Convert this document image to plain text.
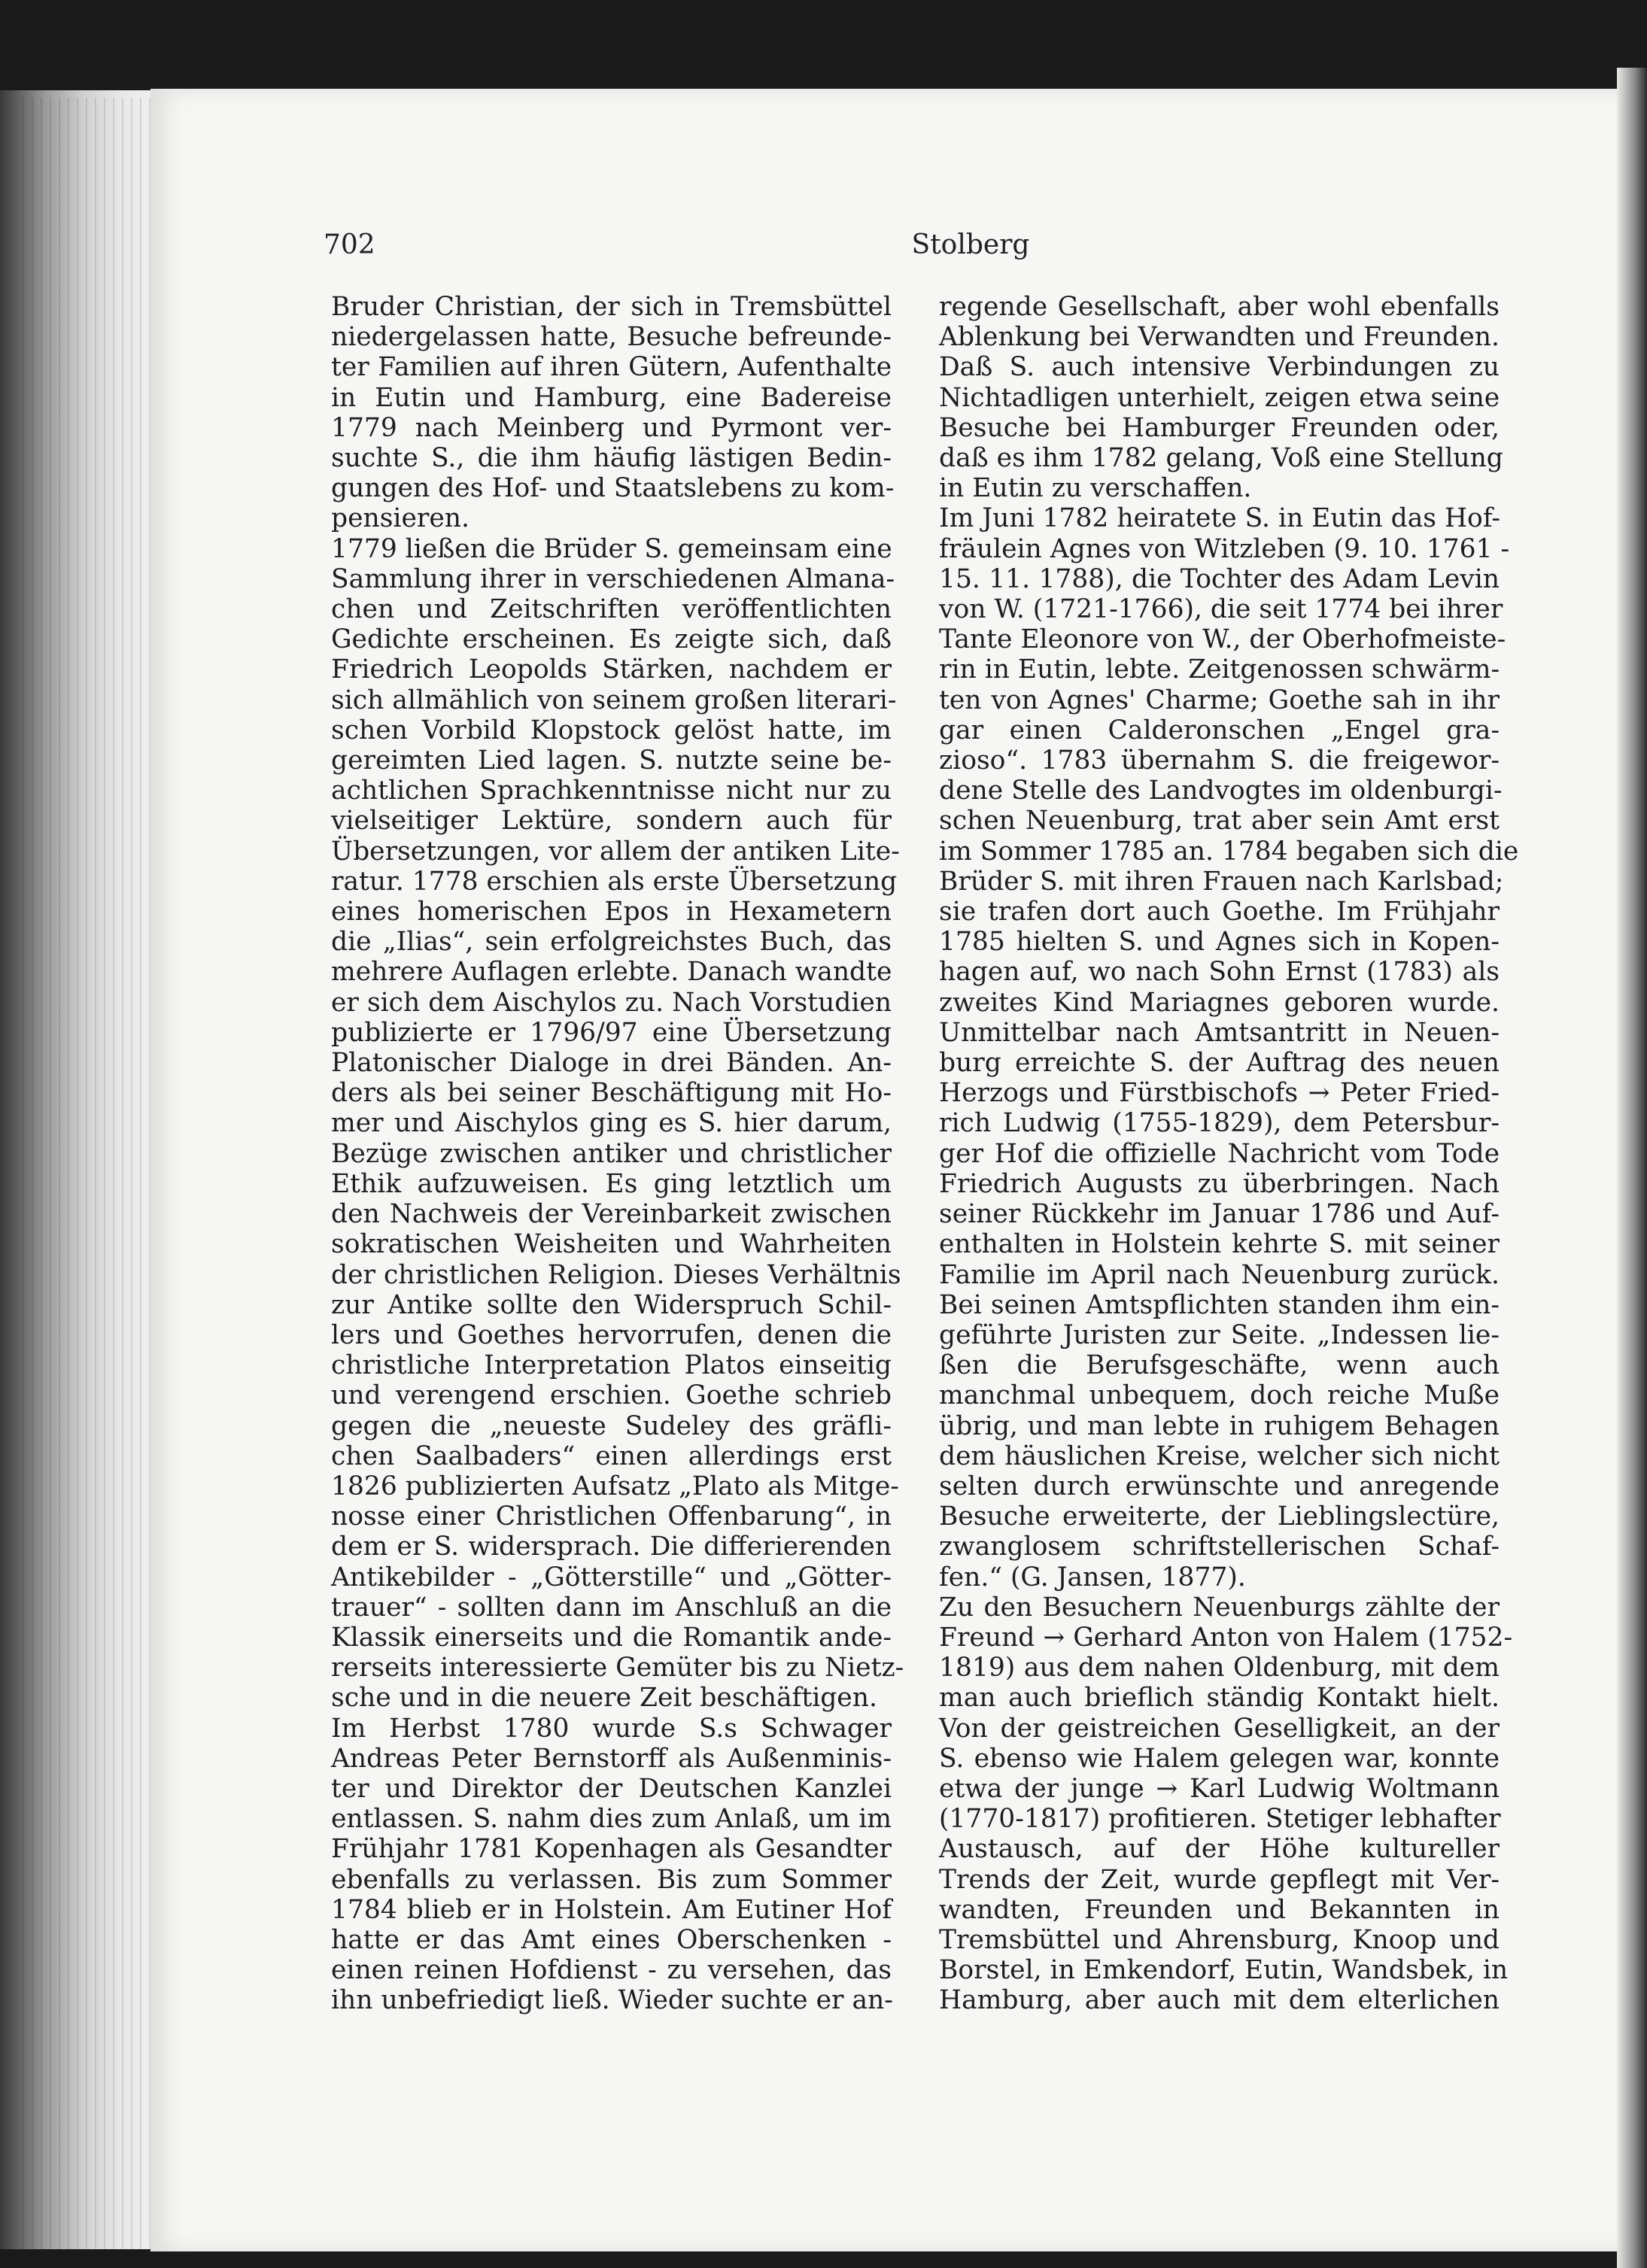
702	Stolberg
Bruder Christian, der sich in Tremsbüttel
niedergelassen hatte, Besuche befreunde-
ter Familien auf ihren Gütern, Aufenthalte
in Eutin und Hamburg, eine Badereise
1779 nach Meinberg und Pyrmont ver-
suchte S., die ihm häufig lästigen Bedin-
gungen des Hof- und Staatslebens zu kom-
pensieren.
1779 ließen die Brüder S. gemeinsam eine
Sammlung ihrer in verschiedenen Almana-
chen und Zeitschriften veröffentlichten
Gedichte erscheinen. Es zeigte sich, daß
Friedrich Leopolds Stärken, nachdem er
sich allmählich von seinem großen literari-
schen Vorbild Klopstock gelöst hatte, im
gereimten Lied lagen. S. nutzte seine be-
achtlichen Sprachkenntnisse nicht nur zu
vielseitiger Lektüre, sondern auch für
Übersetzungen, vor allem der antiken Lite-
ratur. 1778 erschien als erste Übersetzung
eines homerischen Epos in Hexametern
die „Ilias“, sein erfolgreichstes Buch, das
mehrere Auflagen erlebte. Danach wandte
er sich dem Aischylos zu. Nach Vorstudien
publizierte er 1796/97 eine Übersetzung
Platonischer Dialoge in drei Bänden. An-
ders als bei seiner Beschäftigung mit Ho-
mer und Aischylos ging es S. hier darum,
Bezüge zwischen antiker und christlicher
Ethik aufzuweisen. Es ging letztlich um
den Nachweis der Vereinbarkeit zwischen
sokratischen Weisheiten und Wahrheiten
der christlichen Religion. Dieses Verhältnis
zur Antike sollte den Widerspruch Schil-
lers und Goethes hervorrufen, denen die
christliche Interpretation Platos einseitig
und verengend erschien. Goethe schrieb
gegen die „neueste Sudeley des gräfli-
chen Saalbaders“ einen allerdings erst
1826 publizierten Aufsatz „Plato als Mitge-
nosse einer Christlichen Offenbarung“, in
dem er S. widersprach. Die differierenden
Antikebilder - „Götterstille“ und „Götter-
trauer“ - sollten dann im Anschluß an die
Klassik einerseits und die Romantik ande-
rerseits interessierte Gemüter bis zu Nietz-
sche und in die neuere Zeit beschäftigen.
Im Herbst 1780 wurde S.s Schwager
Andreas Peter Bernstorff als Außenminis-
ter und Direktor der Deutschen Kanzlei
entlassen. S. nahm dies zum Anlaß, um im
Frühjahr 1781 Kopenhagen als Gesandter
ebenfalls zu verlassen. Bis zum Sommer
1784 blieb er in Holstein. Am Eutiner Hof
hatte er das Amt eines Oberschenken -
einen reinen Hofdienst - zu versehen, das
ihn unbefriedigt ließ. Wieder suchte er an-
regende Gesellschaft, aber wohl ebenfalls
Ablenkung bei Verwandten und Freunden.
Daß S. auch intensive Verbindungen zu
Nichtadligen unterhielt, zeigen etwa seine
Besuche bei Hamburger Freunden oder,
daß es ihm 1782 gelang, Voß eine Stellung
in Eutin zu verschaffen.
Im Juni 1782 heiratete S. in Eutin das Hof-
fräulein Agnes von Witzleben (9. 10. 1761 -
15. 11. 1788), die Tochter des Adam Levin
von W. (1721-1766), die seit 1774 bei ihrer
Tante Eleonore von W., der Oberhofmeiste-
rin in Eutin, lebte. Zeitgenossen schwärm-
ten von Agnes' Charme; Goethe sah in ihr
gar einen Calderonschen „Engel gra-
zioso“. 1783 übernahm S. die freigewor-
dene Stelle des Landvogtes im oldenburgi-
schen Neuenburg, trat aber sein Amt erst
im Sommer 1785 an. 1784 begaben sich die
Brüder S. mit ihren Frauen nach Karlsbad;
sie trafen dort auch Goethe. Im Frühjahr
1785 hielten S. und Agnes sich in Kopen-
hagen auf, wo nach Sohn Ernst (1783) als
zweites Kind Mariagnes geboren wurde.
Unmittelbar nach Amtsantritt in Neuen-
burg erreichte S. der Auftrag des neuen
Herzogs und Fürstbischofs → Peter Fried-
rich Ludwig (1755-1829), dem Petersbur-
ger Hof die offizielle Nachricht vom Tode
Friedrich Augusts zu überbringen. Nach
seiner Rückkehr im Januar 1786 und Auf-
enthalten in Holstein kehrte S. mit seiner
Familie im April nach Neuenburg zurück.
Bei seinen Amtspflichten standen ihm ein-
geführte Juristen zur Seite. „Indessen lie-
ßen die Berufsgeschäfte, wenn auch
manchmal unbequem, doch reiche Muße
übrig, und man lebte in ruhigem Behagen
dem häuslichen Kreise, welcher sich nicht
selten durch erwünschte und anregende
Besuche erweiterte, der Lieblingslectüre,
zwanglosem schriftstellerischen Schaf-
fen.“ (G. Jansen, 1877).
Zu den Besuchern Neuenburgs zählte der
Freund → Gerhard Anton von Halem (1752-
1819) aus dem nahen Oldenburg, mit dem
man auch brieflich ständig Kontakt hielt.
Von der geistreichen Geselligkeit, an der
S. ebenso wie Halem gelegen war, konnte
etwa der junge → Karl Ludwig Woltmann
(1770-1817) profitieren. Stetiger lebhafter
Austausch, auf der Höhe kultureller
Trends der Zeit, wurde gepflegt mit Ver-
wandten, Freunden und Bekannten in
Tremsbüttel und Ahrensburg, Knoop und
Borstel, in Emkendorf, Eutin, Wandsbek, in
Hamburg, aber auch mit dem elterlichen
